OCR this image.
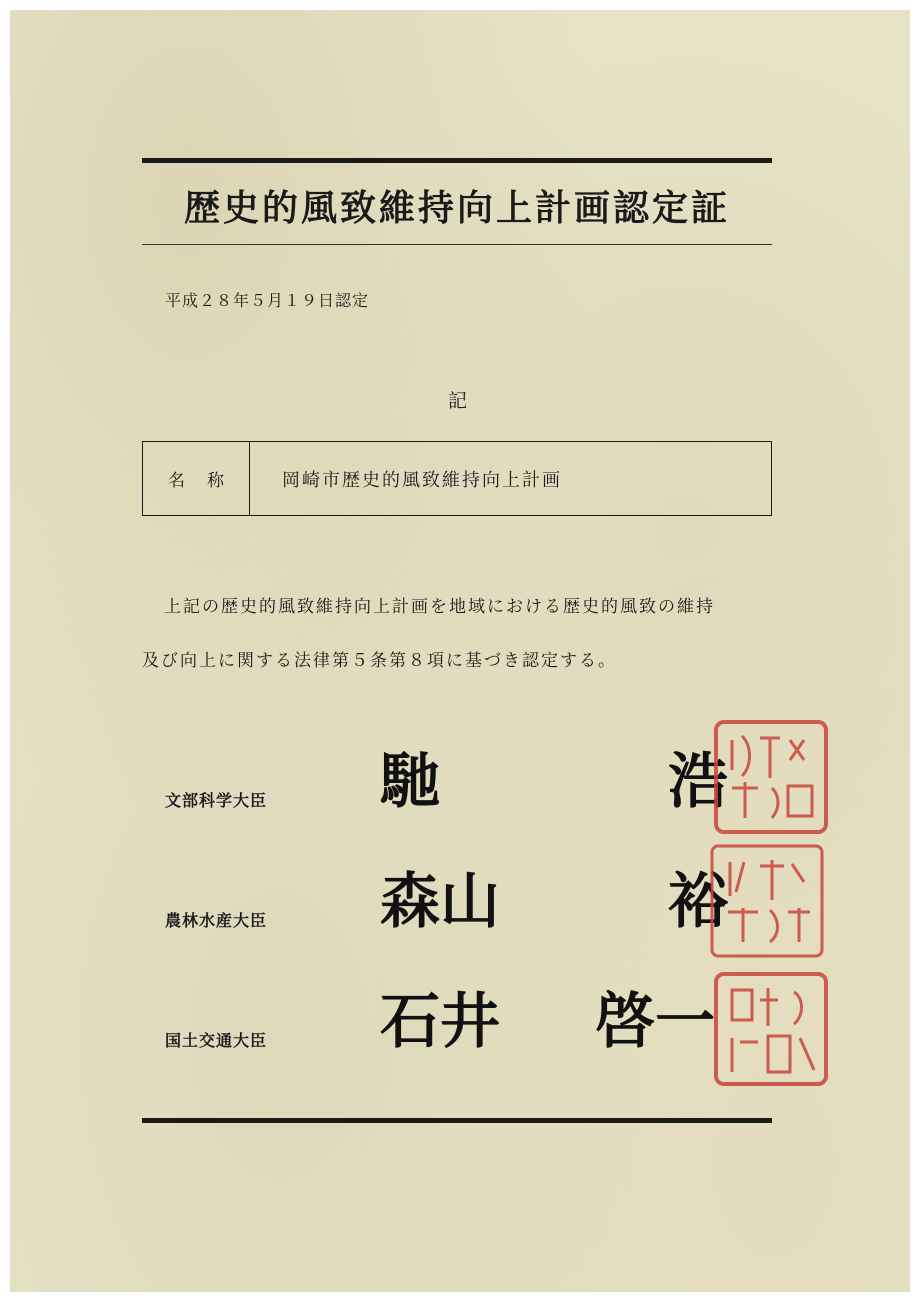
歴史的風致維持向上計画認定証
平成２８年５月１９日認定
記
名称	岡崎市歴史的風致維持向上計画
上記の歴史的風致維持向上計画を地域における歴史的風致の維持
及び向上に関する法律第５条第８項に基づき認定する。
文部科学大臣 馳	浩
農林水産大臣 森山	裕
国土交通大臣 石井 啓一
